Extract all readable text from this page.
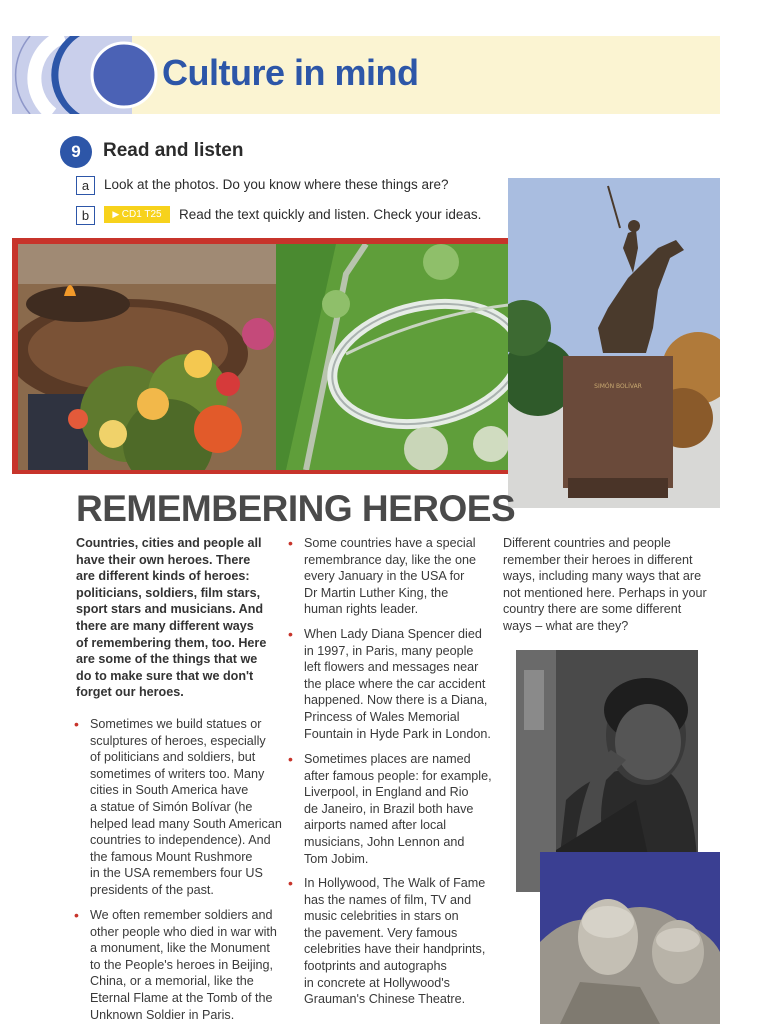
Culture in mind
9	Read and listen
a	Look at the photos. Do you know where these things are?
b	▶ CD1 T25	Read the text quickly and listen. Check your ideas.
SIMÓN BOLÍVAR
REMEMBERING HEROES
Countries, cities and people all
have their own heroes. There
are different kinds of heroes:
politicians, soldiers, film stars,
sport stars and musicians. And
there are many different ways
of remembering them, too. Here
are some of the things that we
do to make sure that we don't
forget our heroes.
• Sometimes we build statues or
sculptures of heroes, especially
of politicians and soldiers, but
sometimes of writers too. Many
cities in South America have
a statue of Simón Bolívar (he
helped lead many South American
countries to independence). And
the famous Mount Rushmore
in the USA remembers four US
presidents of the past.
• We often remember soldiers and
other people who died in war with
a monument, like the Monument
to the People's heroes in Beijing,
China, or a memorial, like the
Eternal Flame at the Tomb of the
Unknown Soldier in Paris.
• Some countries have a special
remembrance day, like the one
every January in the USA for
Dr Martin Luther King, the
human rights leader.
• When Lady Diana Spencer died
in 1997, in Paris, many people
left flowers and messages near
the place where the car accident
happened. Now there is a Diana,
Princess of Wales Memorial
Fountain in Hyde Park in London.
• Sometimes places are named
after famous people: for example,
Liverpool, in England and Rio
de Janeiro, in Brazil both have
airports named after local
musicians, John Lennon and
Tom Jobim.
• In Hollywood, The Walk of Fame
has the names of film, TV and
music celebrities in stars on
the pavement. Very famous
celebrities have their handprints,
footprints and autographs
in concrete at Hollywood's
Grauman's Chinese Theatre.
Different countries and people
remember their heroes in different
ways, including many ways that are
not mentioned here. Perhaps in your
country there are some different
ways – what are they?
